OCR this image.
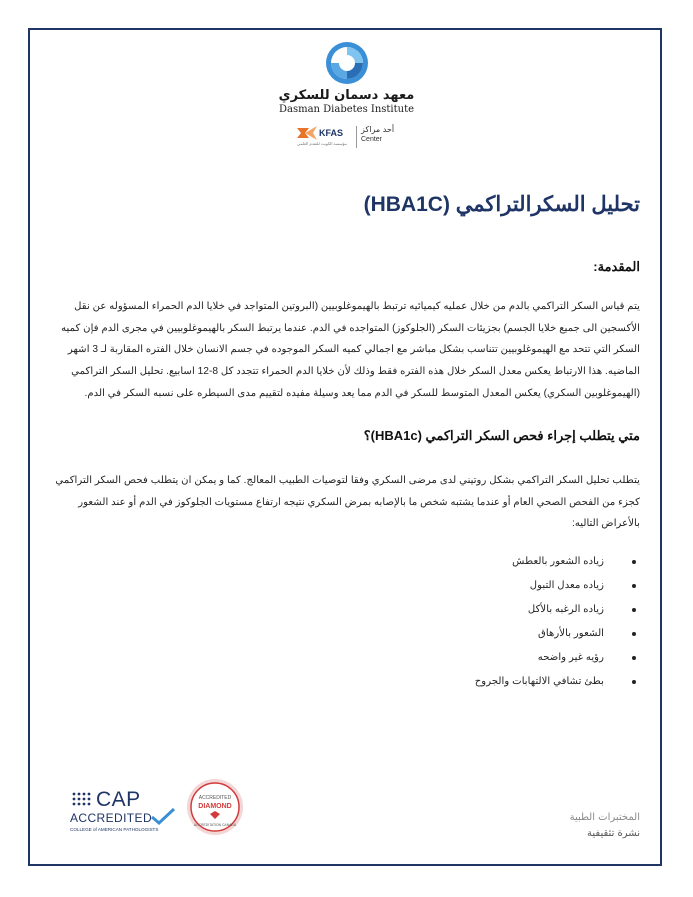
معهد دسمان للسكري
Dasman Diabetes Institute
KFAS
مؤسسة الكويت للتقدم العلمي
أحد مراكز
Center
تحليل السكرالتراكمي (HBA1C)
المقدمة:
يتم قياس السكر التراكمي بالدم من خلال عمليه كيميائيه ترتبط بالهيموغلوبيين (البروتين المتواجد في خلايا الدم الحمراء المسؤوله عن نقل
الأكسجين الى جميع خلايا الجسم) بجزيئات السكر (الجلوكوز) المتواجده في الدم. عندما يرتبط السكر بالهيموغلوبيين في مجرى الدم فإن كميه
السكر التي تتحد مع الهيموغلوبيين تتناسب بشكل مباشر مع اجمالي كميه السكر الموجوده في جسم الانسان خلال الفتره المقاربة لـ 3 اشهر
الماضيه. هذا الارتباط يعكس معدل السكر خلال هذه الفتره فقط وذلك لأن خلايا الدم الحمراء تتجدد كل 8-12 اسابيع. تحليل السكر التراكمي
(الهيموغلوبين السكري) يعكس المعدل المتوسط للسكر في الدم مما يعد وسيلة مفيده لتقييم مدى السيطره على نسبه السكر في الدم.
متي يتطلب إجراء فحص السكر التراكمي (HBA1c)؟
يتطلب تحليل السكر التراكمي بشكل روتيني لدى مرضى السكري وفقا لتوصيات الطبيب المعالج. كما و يمكن ان يتطلب فحص السكر التراكمي
كجزء من الفحص الصحي العام أو عندما يشتبه شخص ما بالإصابه بمرض السكري نتيجه ارتفاع مستويات الجلوكوز في الدم أو عند الشعور
بالأعراض التاليه:
زياده الشعور بالعطش
زياده معدل التبول
زياده الرغبه بالأكل
الشعور بالأرهاق
رؤيه غير واضحه
بطئ تشافي الالتهابات والجروح
CAP
ACCREDITED
COLLEGE of AMERICAN PATHOLOGISTS
ACCREDITED
DIAMOND
ACCREDITATION CANADA
المختبرات الطبية
نشرة تثقيفية
